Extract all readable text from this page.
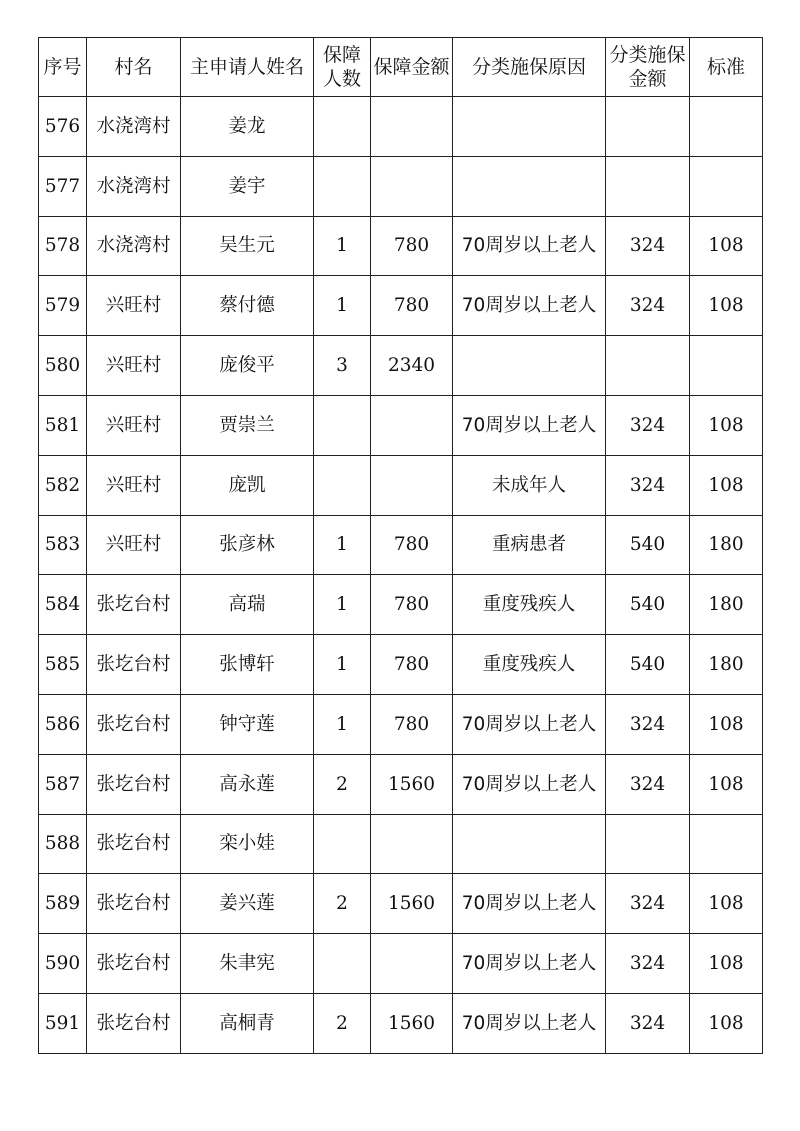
序号	村名	主申请人姓名	保障人数	保障金额	分类施保原因	分类施保金额	标准
576	水浇湾村	姜龙					
577	水浇湾村	姜宇					
578	水浇湾村	吴生元	1	780	70周岁以上老人	324	108
579	兴旺村	蔡付德	1	780	70周岁以上老人	324	108
580	兴旺村	庞俊平	3	2340			
581	兴旺村	贾崇兰			70周岁以上老人	324	108
582	兴旺村	庞凯			未成年人	324	108
583	兴旺村	张彦林	1	780	重病患者	540	180
584	张圪台村	高瑞	1	780	重度残疾人	540	180
585	张圪台村	张博轩	1	780	重度残疾人	540	180
586	张圪台村	钟守莲	1	780	70周岁以上老人	324	108
587	张圪台村	高永莲	2	1560	70周岁以上老人	324	108
588	张圪台村	栾小娃					
589	张圪台村	姜兴莲	2	1560	70周岁以上老人	324	108
590	张圪台村	朱聿宪			70周岁以上老人	324	108
591	张圪台村	高桐青	2	1560	70周岁以上老人	324	108
